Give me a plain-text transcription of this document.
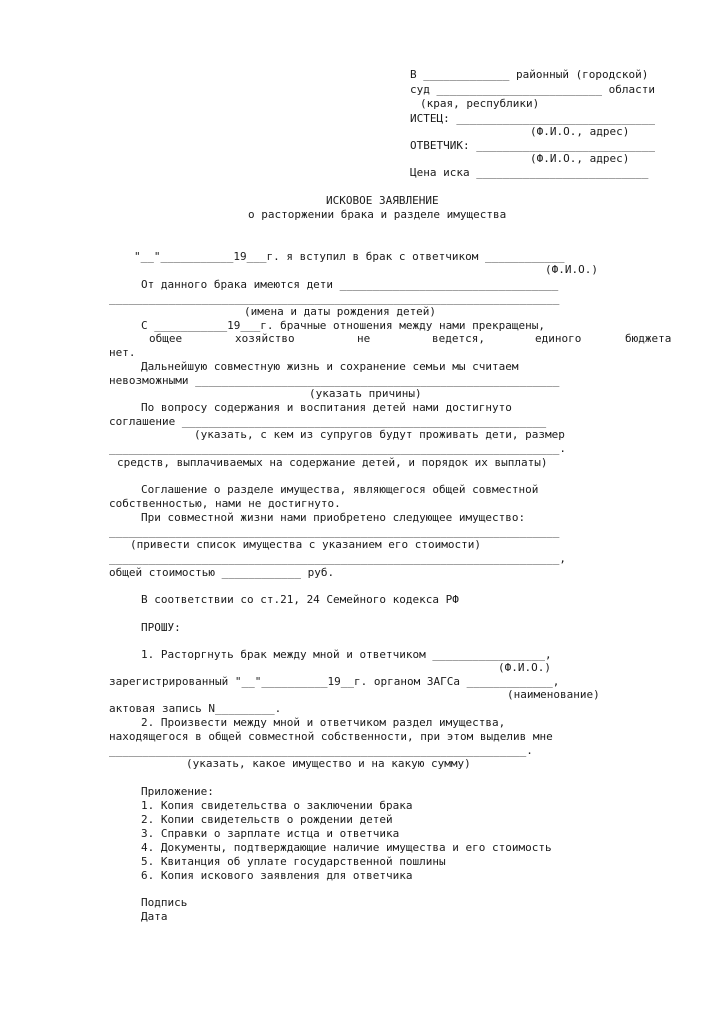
В _____________ районный (городской)
суд _________________________ области
(края, республики)
ИСТЕЦ: ______________________________
(Ф.И.О., адрес)
ОТВЕТЧИК: ___________________________
(Ф.И.О., адрес)
Цена иска __________________________
ИСКОВОЕ ЗАЯВЛЕНИЕ
о расторжении брака и разделе имущества
"__"___________19___г. я вступил в брак с ответчиком ____________
(Ф.И.О.)
От данного брака имеются дети _________________________________
____________________________________________________________________
(имена и даты рождения детей)
С ___________19___г. брачные отношения между нами прекращены,
общее	хозяйство	не	ведется,	единого	бюджета
нет.
Дальнейшую совместную жизнь и сохранение семьи мы считаем
невозможными _______________________________________________________
(указать причины)
По вопросу содержания и воспитания детей нами достигнуто
соглашение _______________________________________________________
(указать, с кем из супругов будут проживать дети, размер
____________________________________________________________________.
средств, выплачиваемых на содержание детей, и порядок их выплаты)
Соглашение о разделе имущества, являющегося общей совместной
собственностью, нами не достигнуто.
При совместной жизни нами приобретено следующее имущество:
____________________________________________________________________
(привести список имущества с указанием его стоимости)
____________________________________________________________________,
общей стоимостью ____________ руб.
В соответствии со ст.21, 24 Семейного кодекса РФ
ПРОШУ:
1. Расторгнуть брак между мной и ответчиком _________________,
(Ф.И.О.)
зарегистрированный "__"__________19__г. органом ЗАГСа _____________,
(наименование)
актовая запись N_________.
2. Произвести между мной и ответчиком раздел имущества,
находящегося в общей совместной собственности, при этом выделив мне
_______________________________________________________________.
(указать, какое имущество и на какую сумму)
Приложение:
1. Копия свидетельства о заключении брака
2. Копии свидетельств о рождении детей
3. Справки о зарплате истца и ответчика
4. Документы, подтверждающие наличие имущества и его стоимость
5. Квитанция об уплате государственной пошлины
6. Копия искового заявления для ответчика
Подпись
Дата
